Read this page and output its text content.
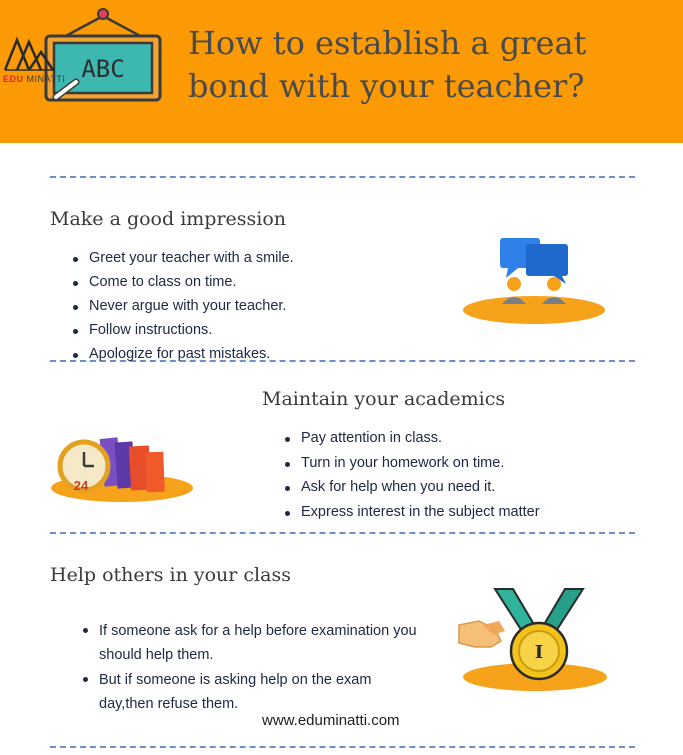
ABC
EDU MINATTI
How to establish a great bond with your teacher?
Make a good impression
Greet your teacher with a smile.
Come to class on time.
Never argue with your teacher.
Follow instructions.
Apologize for past mistakes.
Maintain your academics
Pay attention in class.
Turn in your homework on time.
Ask for help when you need it.
Express interest in the subject matter
24
Help others in your class
If someone ask for a help before examination you should help them.
But if someone is asking help on the exam day,then refuse them.
I
www.eduminatti.com
